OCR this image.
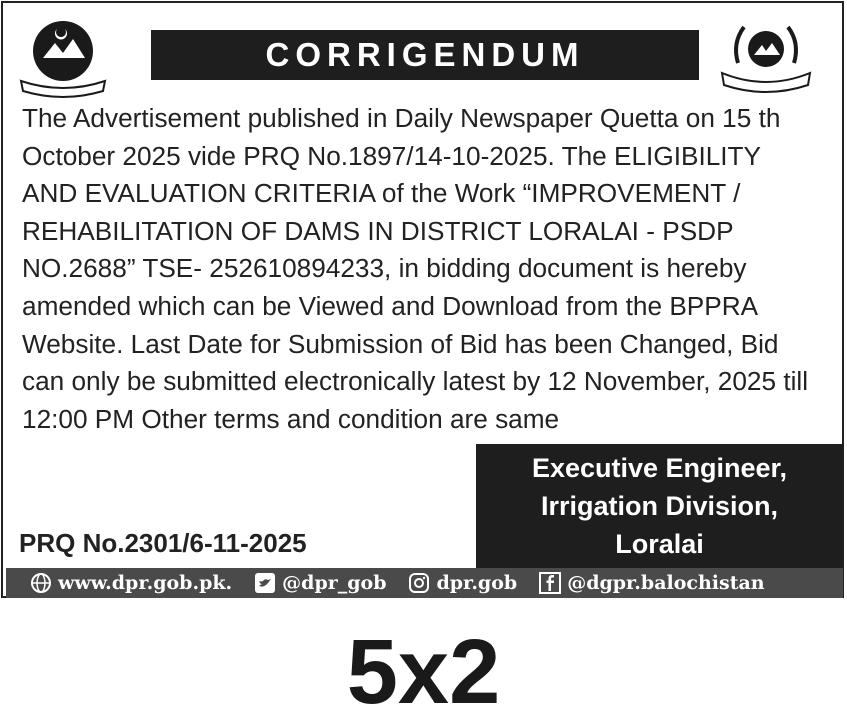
CORRIGENDUM
The Advertisement published in Daily Newspaper Quetta on 15 th
October 2025 vide PRQ No.1897/14-10-2025. The ELIGIBILITY
AND EVALUATION CRITERIA of the Work “IMPROVEMENT /
REHABILITATION OF DAMS IN DISTRICT LORALAI - PSDP
NO.2688” TSE- 252610894233, in bidding document is hereby
amended which can be Viewed and Download from the BPPRA
Website. Last Date for Submission of Bid has been Changed, Bid
can only be submitted electronically latest by 12 November, 2025 till
12:00 PM Other terms and condition are same
Executive Engineer,
Irrigation Division,
Loralai
PRQ No.2301/6-11-2025
www.dpr.gob.pk.	@dpr_gob	dpr.gob	@dgpr.balochistan
5x2
